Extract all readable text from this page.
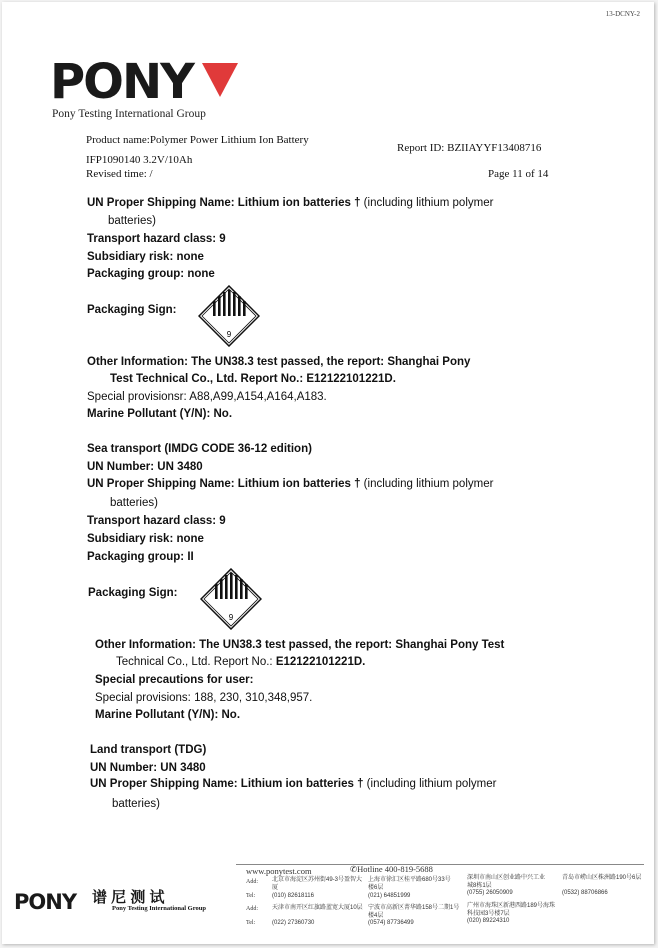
13-DCNY-2
PONY
Pony Testing International Group
Product name:Polymer Power Lithium Ion Battery
Report ID: BZIIAYYF13408716
IFP1090140 3.2V/10Ah
Revised time: /	Page 11 of 14
UN Proper Shipping Name: Lithium ion batteries † (including lithium polymer
batteries)
Transport hazard class: 9
Subsidiary risk: none
Packaging group: none
Packaging Sign:
9
Other Information: The UN38.3 test passed, the report: Shanghai Pony
Test Technical Co., Ltd. Report No.: E12122101221D.
Special provisionsr: A88,A99,A154,A164,A183.
Marine Pollutant (Y/N): No.
Sea transport (IMDG CODE 36-12 edition)
UN Number: UN 3480
UN Proper Shipping Name: Lithium ion batteries † (including lithium polymer
batteries)
Transport hazard class: 9
Subsidiary risk: none
Packaging group: II
Packaging Sign:
9
Other Information: The UN38.3 test passed, the report: Shanghai Pony Test
Technical Co., Ltd. Report No.: E12122101221D.
Special precautions for user:
Special provisions: 188, 230, 310,348,957.
Marine Pollutant (Y/N): No.
Land transport (TDG)
UN Number: UN 3480
UN Proper Shipping Name: Lithium ion batteries † (including lithium polymer
batteries)
www.ponytest.com	✆Hotline 400-819-5688
Add:
Tel:
Add:
Tel:
北京市海淀区苏州街49-3号盈智大厦
(010) 82618116
上海市徐汇区桂平路680号33号楼6层
(021) 64851999
深圳市南山区创业路中兴工业城8栋1层
(0755) 26050909
青岛市崂山区株洲路190号6层
(0532) 88706866
天津市南开区红旗路蓝宽大厦10层
(022) 27360730
宁波市高新区菁华路158号二期1号楼4层
(0574) 87736499
广州市海珠区新港西路189号海珠科技园3号楼7层
(020) 89224310
PONY 谱 尼 测 试
Pony Testing International Group
